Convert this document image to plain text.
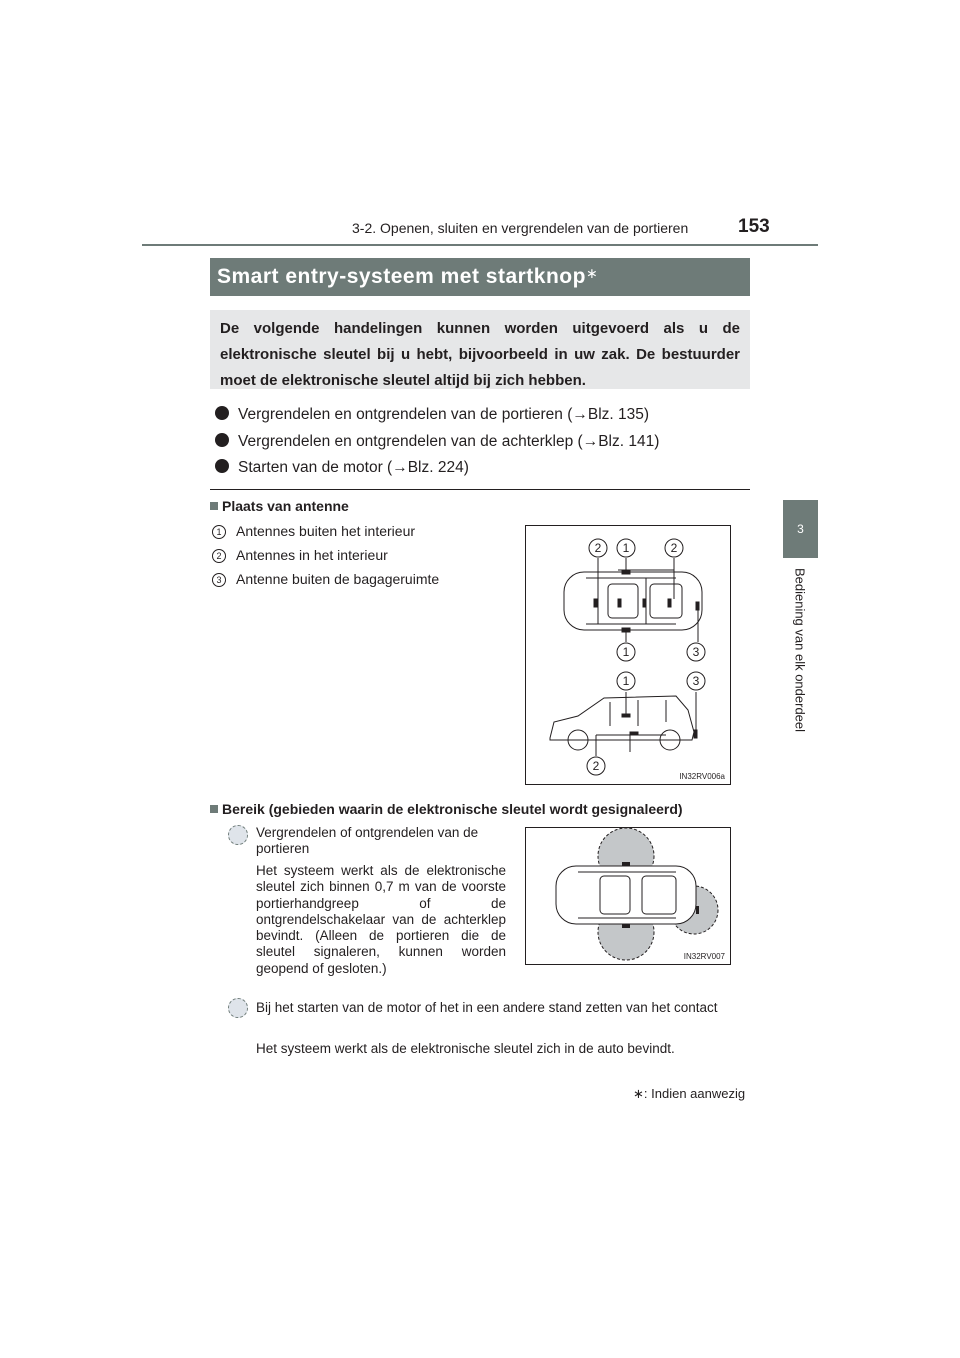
3-2. Openen, sluiten en vergrendelen van de portieren	153
3
Bediening van elk onderdeel
Smart entry-systeem met startknop∗
De volgende handelingen kunnen worden uitgevoerd als u de elektronische sleutel bij u hebt, bijvoorbeeld in uw zak. De bestuurder moet de elektronische sleutel altijd bij zich hebben.
Vergrendelen en ontgrendelen van de portieren (→Blz. 135)
Vergrendelen en ontgrendelen van de achterklep (→Blz. 141)
Starten van de motor (→Blz. 224)
Plaats van antenne
1 Antennes buiten het interieur
2 Antennes in het interieur
3 Antenne buiten de bagageruimte
2 1	2
1	3
1	3
2
IN32RV006a
Bereik (gebieden waarin de elektronische sleutel wordt gesignaleerd)
Vergrendelen of ontgrendelen van de portieren
Het systeem werkt als de elektronische sleutel zich binnen 0,7 m van de voorste portierhandgreep of de ontgrendelschakelaar van de achterklep bevindt. (Alleen de portieren die de sleutel signaleren, kunnen worden geopend of gesloten.)
IN32RV007
Bij het starten van de motor of het in een andere stand zetten van het contact
Het systeem werkt als de elektronische sleutel zich in de auto bevindt.
∗: Indien aanwezig
